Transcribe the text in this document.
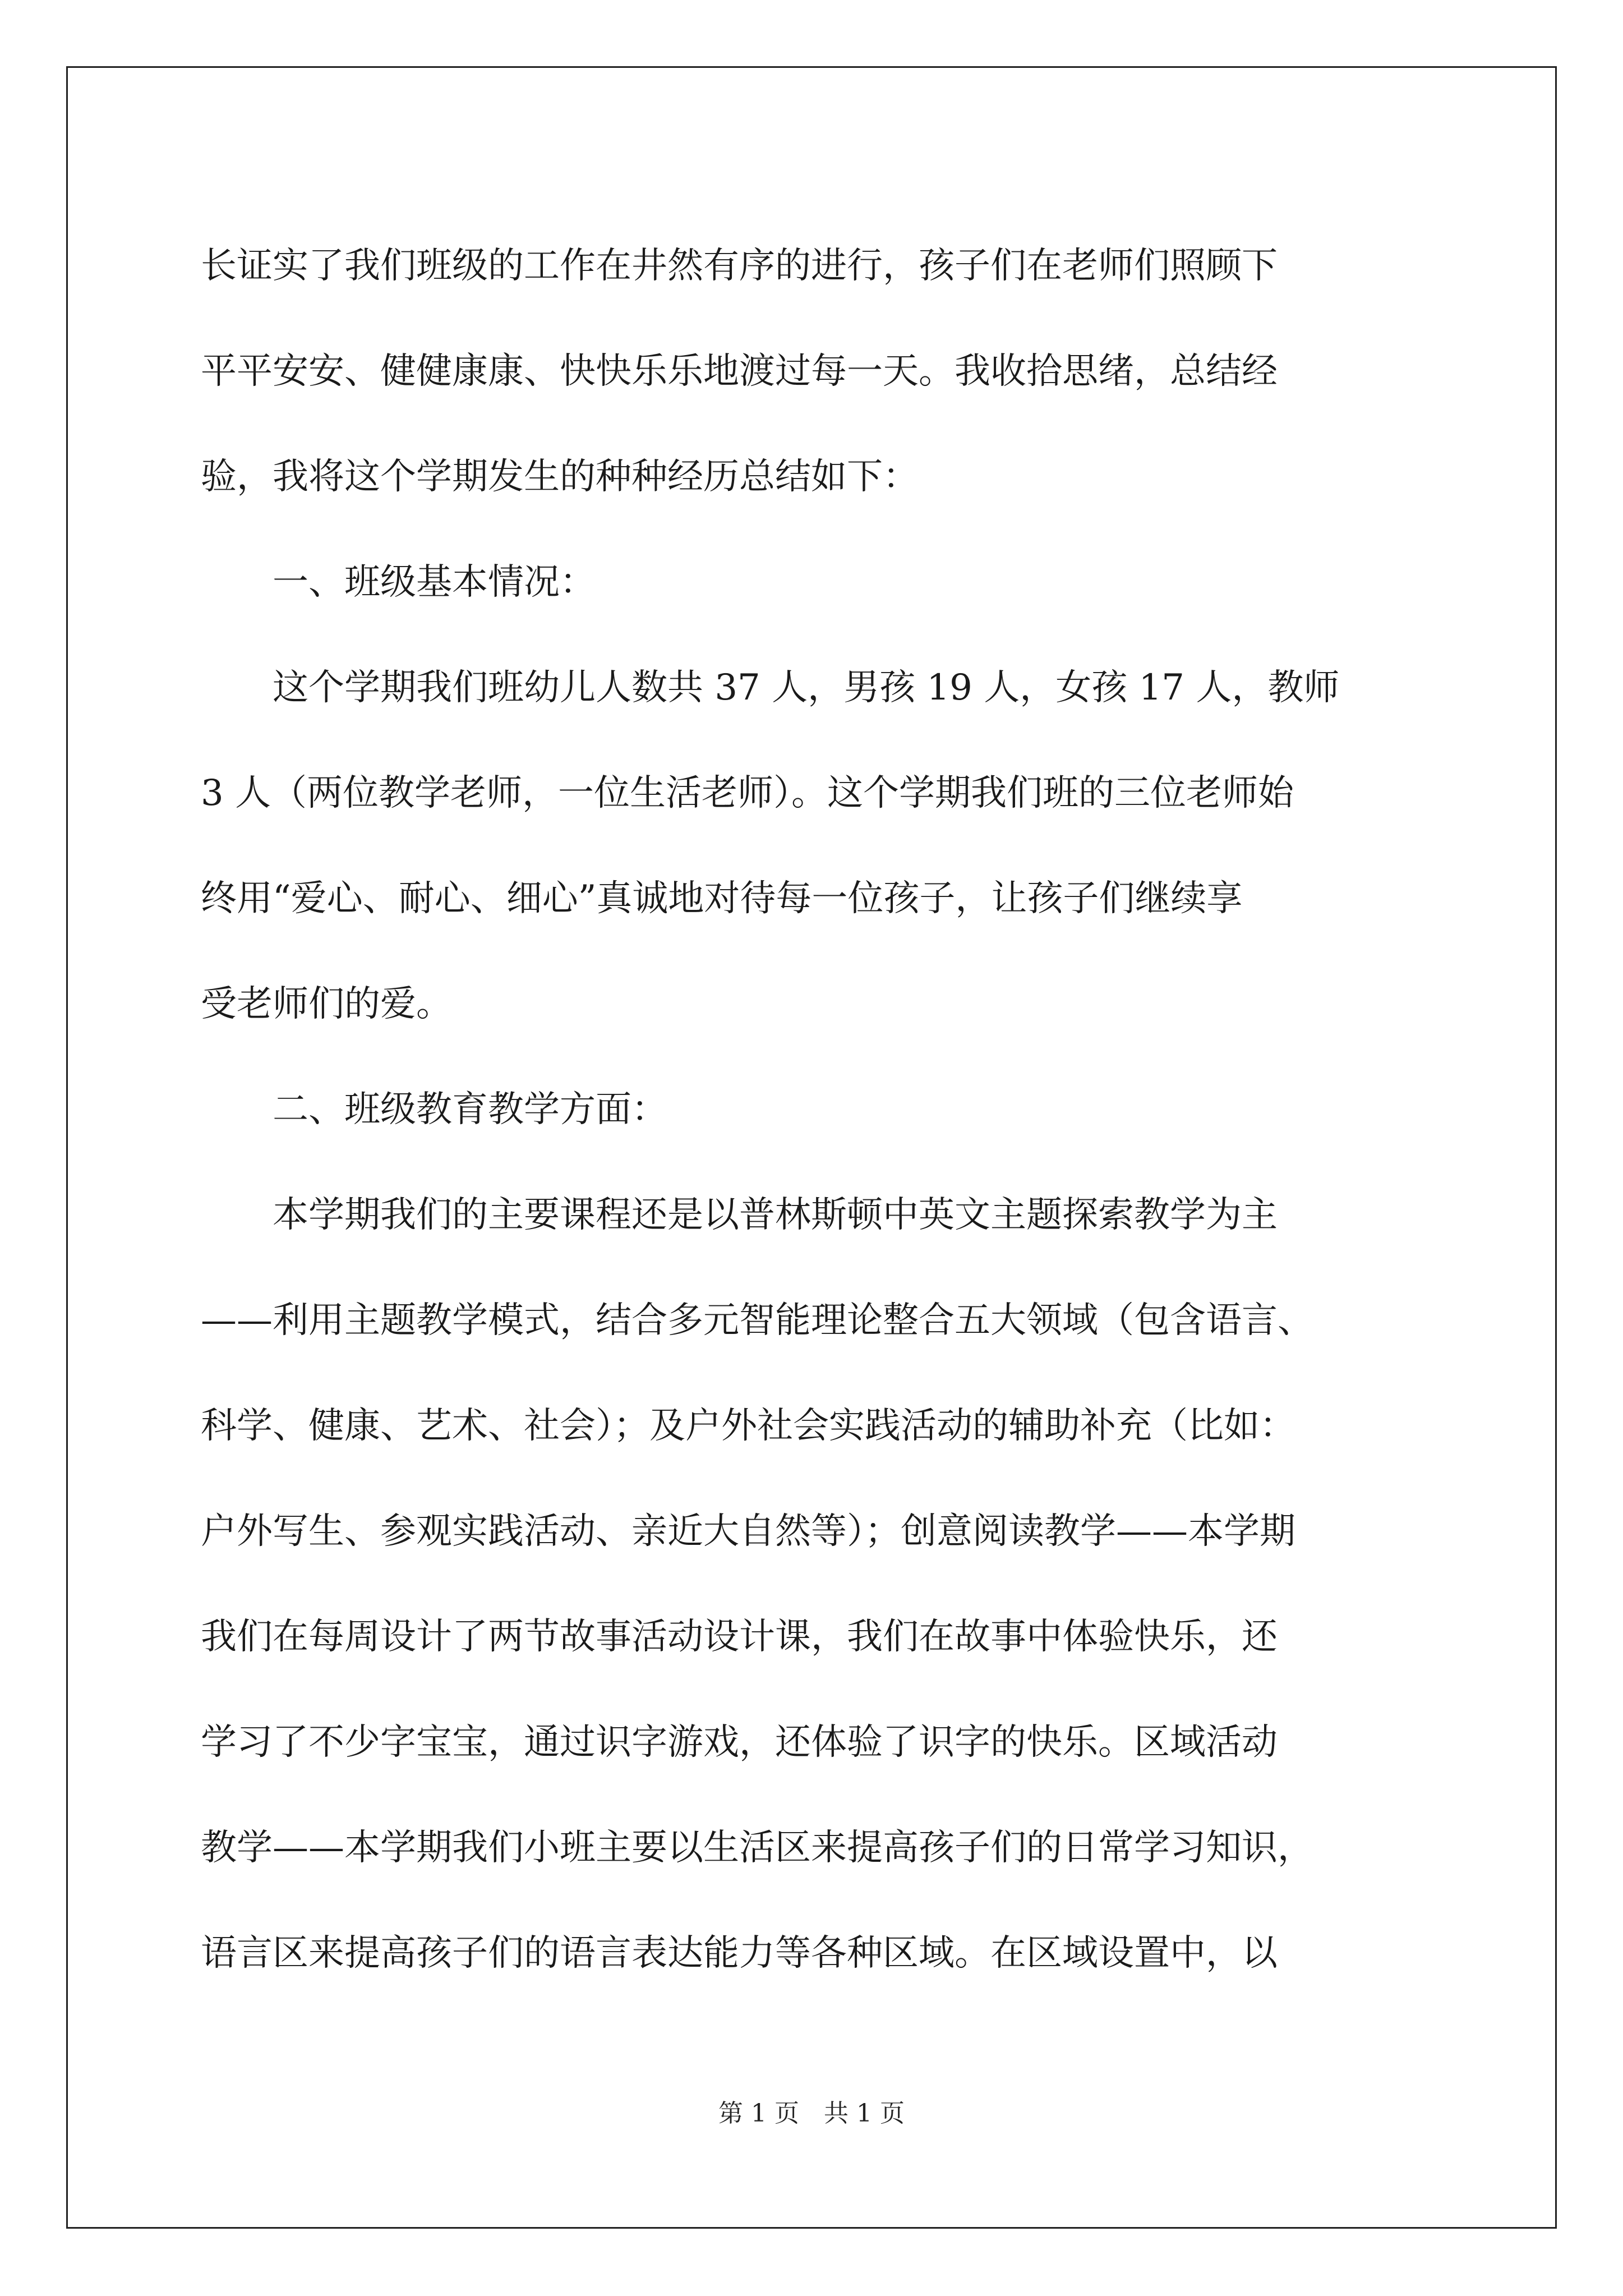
长证实了我们班级的工作在井然有序的进行，孩子们在老师们照顾下

平平安安、健健康康、快快乐乐地渡过每一天。我收拾思绪，总结经

验，我将这个学期发生的种种经历总结如下：

　　一、班级基本情况：

　　这个学期我们班幼儿人数共 37 人，男孩 19 人，女孩 17 人，教师

3 人（两位教学老师，一位生活老师）。这个学期我们班的三位老师始

终用“爱心、耐心、细心”真诚地对待每一位孩子，让孩子们继续享

受老师们的爱。

　　二、班级教育教学方面：

　　本学期我们的主要课程还是以普林斯顿中英文主题探索教学为主

——利用主题教学模式，结合多元智能理论整合五大领域（包含语言、

科学、健康、艺术、社会）；及户外社会实践活动的辅助补充（比如：

户外写生、参观实践活动、亲近大自然等）；创意阅读教学——本学期

我们在每周设计了两节故事活动设计课，我们在故事中体验快乐，还

学习了不少字宝宝，通过识字游戏，还体验了识字的快乐。区域活动

教学——本学期我们小班主要以生活区来提高孩子们的日常学习知识，

语言区来提高孩子们的语言表达能力等各种区域。在区域设置中，以

第 1 页　共 1 页
